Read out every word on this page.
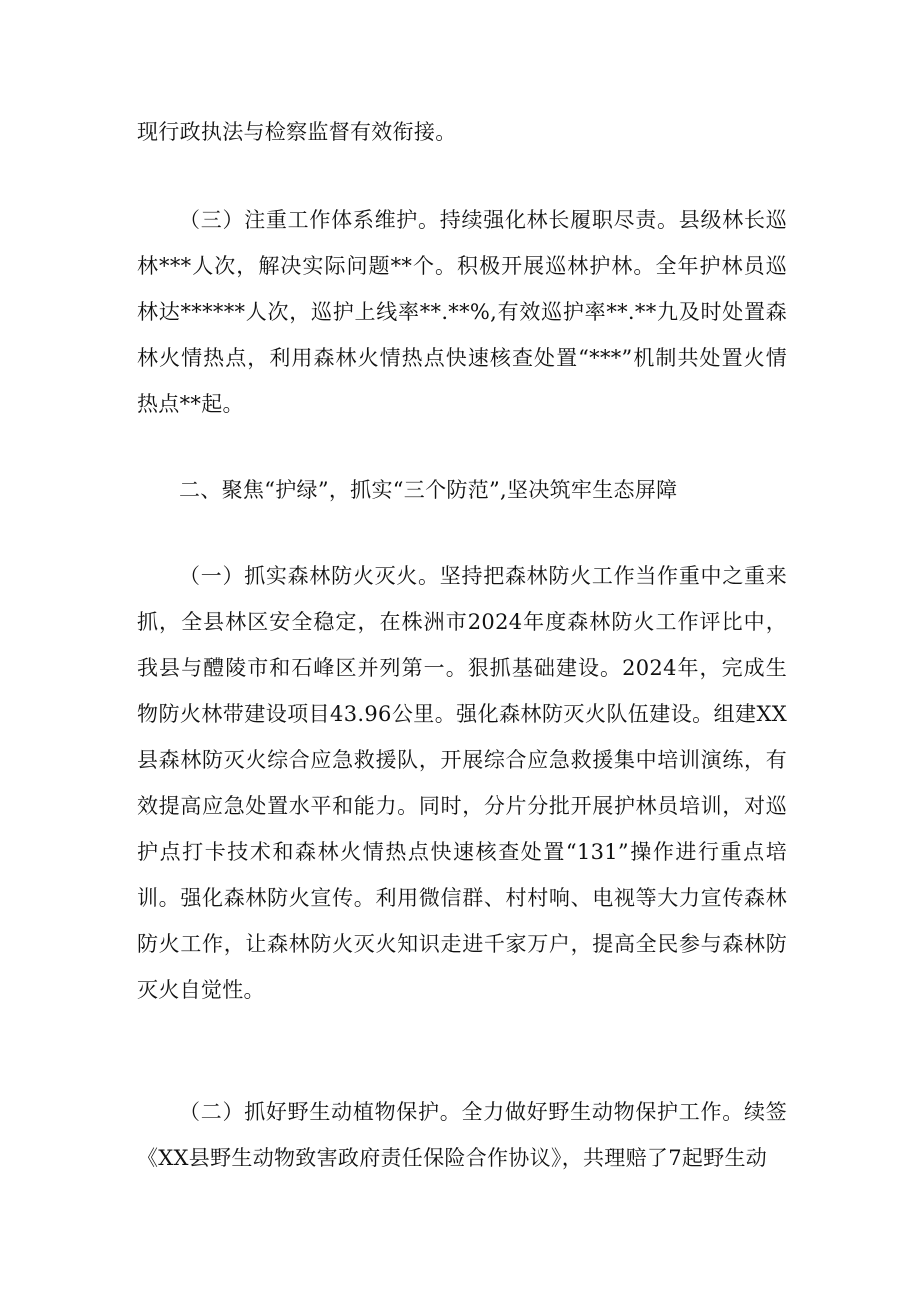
现行政执法与检察监督有效衔接。

（三）注重工作体系维护。持续强化林长履职尽责。县级林长巡林***人次，解决实际问题**个。积极开展巡林护林。全年护林员巡林达******人次，巡护上线率**.**%,有效巡护率**.**九及时处置森林火情热点，利用森林火情热点快速核查处置“***”机制共处置火情热点**起。

二、聚焦“护绿”，抓实“三个防范”,坚决筑牢生态屏障

（一）抓实森林防火灭火。坚持把森林防火工作当作重中之重来抓，全县林区安全稳定，在株洲市2024年度森林防火工作评比中，我县与醴陵市和石峰区并列第一。狠抓基础建设。2024年，完成生物防火林带建设项目43.96公里。强化森林防灭火队伍建设。组建XX县森林防灭火综合应急救援队，开展综合应急救援集中培训演练，有效提高应急处置水平和能力。同时，分片分批开展护林员培训，对巡护点打卡技术和森林火情热点快速核查处置“131”操作进行重点培训。强化森林防火宣传。利用微信群、村村响、电视等大力宣传森林防火工作，让森林防火灭火知识走进千家万户，提高全民参与森林防灭火自觉性。

（二）抓好野生动植物保护。全力做好野生动物保护工作。续签《XX县野生动物致害政府责任保险合作协议》，共理赔了7起野生动
